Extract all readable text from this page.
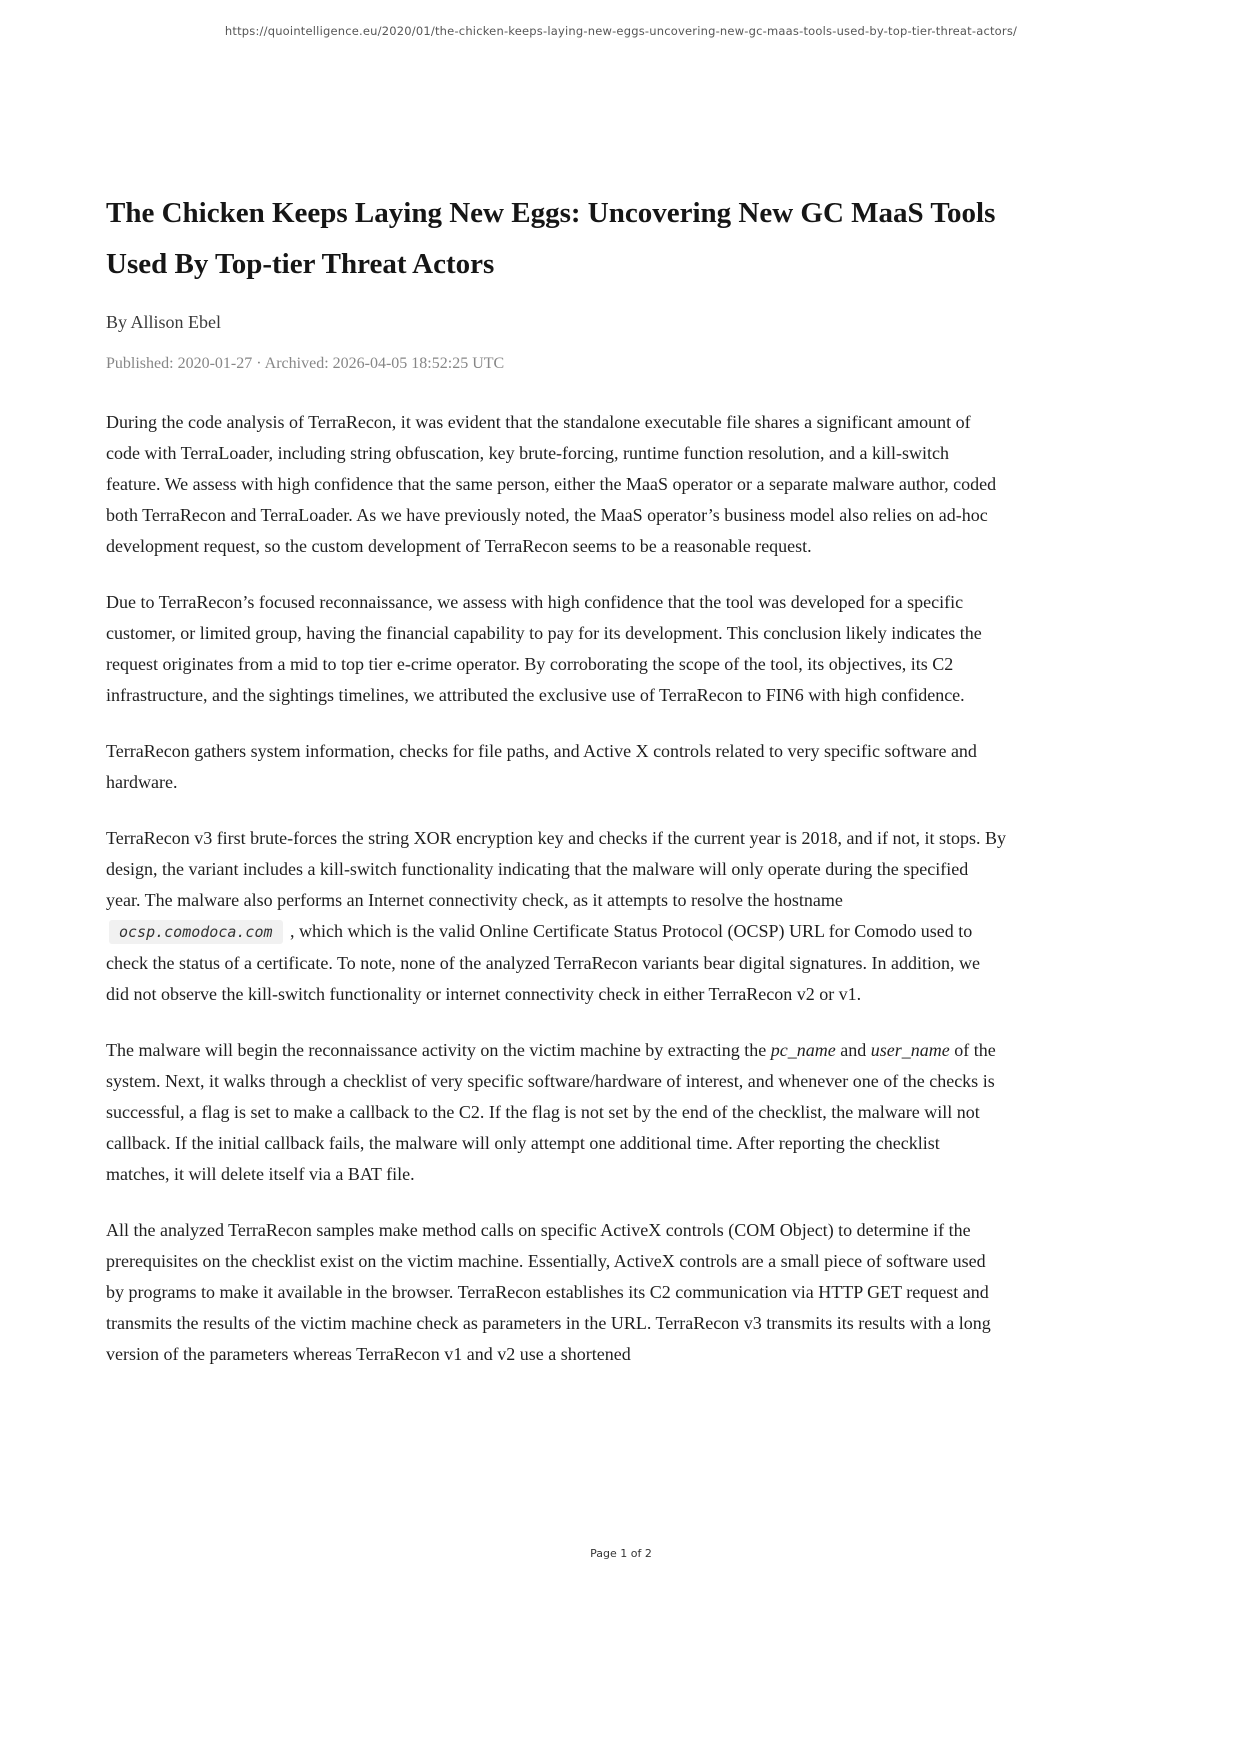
https://quointelligence.eu/2020/01/the-chicken-keeps-laying-new-eggs-uncovering-new-gc-maas-tools-used-by-top-tier-threat-actors/
The Chicken Keeps Laying New Eggs: Uncovering New GC MaaS Tools Used By Top-tier Threat Actors
By Allison Ebel
Published: 2020-01-27 · Archived: 2026-04-05 18:52:25 UTC

During the code analysis of TerraRecon, it was evident that the standalone executable file shares a significant amount of code with TerraLoader, including string obfuscation, key brute-forcing, runtime function resolution, and a kill-switch feature. We assess with high confidence that the same person, either the MaaS operator or a separate malware author, coded both TerraRecon and TerraLoader. As we have previously noted, the MaaS operator’s business model also relies on ad-hoc development request, so the custom development of TerraRecon seems to be a reasonable request.

Due to TerraRecon’s focused reconnaissance, we assess with high confidence that the tool was developed for a specific customer, or limited group, having the financial capability to pay for its development. This conclusion likely indicates the request originates from a mid to top tier e-crime operator. By corroborating the scope of the tool, its objectives, its C2 infrastructure, and the sightings timelines, we attributed the exclusive use of TerraRecon to FIN6 with high confidence.

TerraRecon gathers system information, checks for file paths, and Active X controls related to very specific software and hardware.

TerraRecon v3 first brute-forces the string XOR encryption key and checks if the current year is 2018, and if not, it stops. By design, the variant includes a kill-switch functionality indicating that the malware will only operate during the specified year. The malware also performs an Internet connectivity check, as it attempts to resolve the hostname ocsp.comodoca.com , which which is the valid Online Certificate Status Protocol (OCSP) URL for Comodo used to check the status of a certificate. To note, none of the analyzed TerraRecon variants bear digital signatures. In addition, we did not observe the kill-switch functionality or internet connectivity check in either TerraRecon v2 or v1.

The malware will begin the reconnaissance activity on the victim machine by extracting the pc_name and user_name of the system. Next, it walks through a checklist of very specific software/hardware of interest, and whenever one of the checks is successful, a flag is set to make a callback to the C2. If the flag is not set by the end of the checklist, the malware will not callback. If the initial callback fails, the malware will only attempt one additional time. After reporting the checklist matches, it will delete itself via a BAT file.

All the analyzed TerraRecon samples make method calls on specific ActiveX controls (COM Object) to determine if the prerequisites on the checklist exist on the victim machine. Essentially, ActiveX controls are a small piece of software used by programs to make it available in the browser. TerraRecon establishes its C2 communication via HTTP GET request and transmits the results of the victim machine check as parameters in the URL. TerraRecon v3 transmits its results with a long version of the parameters whereas TerraRecon v1 and v2 use a shortened

Page 1 of 2
